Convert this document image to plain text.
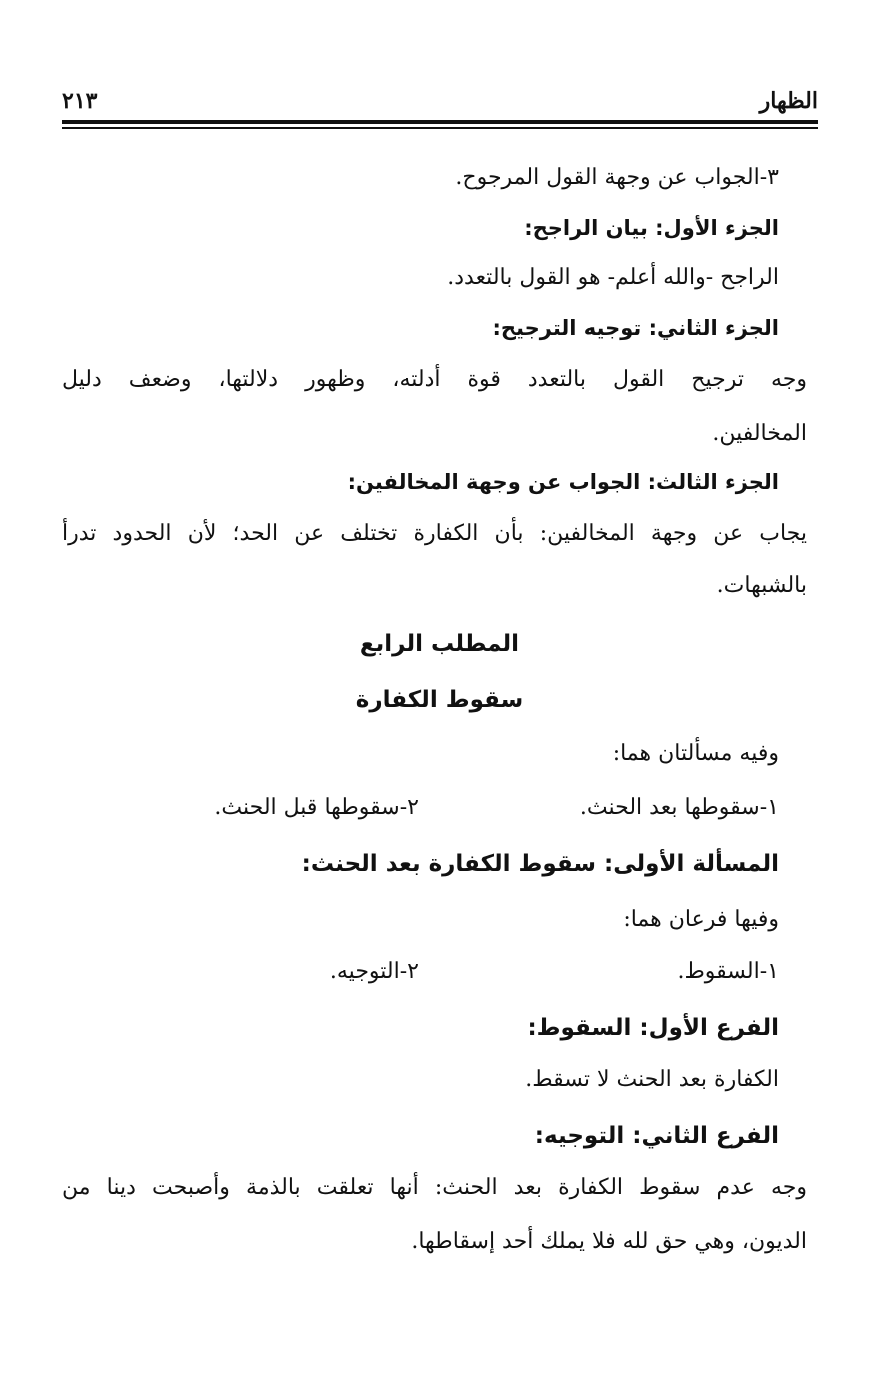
الظهار
٢١٣
٣-الجواب عن وجهة القول المرجوح.
الجزء الأول: بيان الراجح:
الراجح -والله أعلم- هو القول بالتعدد.
الجزء الثاني: توجيه الترجيح:
وجه ترجيح القول بالتعدد قوة أدلته، وظهور دلالتها، وضعف دليل
المخالفين.
الجزء الثالث: الجواب عن وجهة المخالفين:
يجاب عن وجهة المخالفين: بأن الكفارة تختلف عن الحد؛ لأن الحدود تدرأ
بالشبهات.
المطلب الرابع
سقوط الكفارة
وفيه مسألتان هما:
١-سقوطها بعد الحنث.
٢-سقوطها قبل الحنث.
المسألة الأولى: سقوط الكفارة بعد الحنث:
وفيها فرعان هما:
١-السقوط.
٢-التوجيه.
الفرع الأول: السقوط:
الكفارة بعد الحنث لا تسقط.
الفرع الثاني: التوجيه:
وجه عدم سقوط الكفارة بعد الحنث: أنها تعلقت بالذمة وأصبحت دينا من
الديون، وهي حق لله فلا يملك أحد إسقاطها.
